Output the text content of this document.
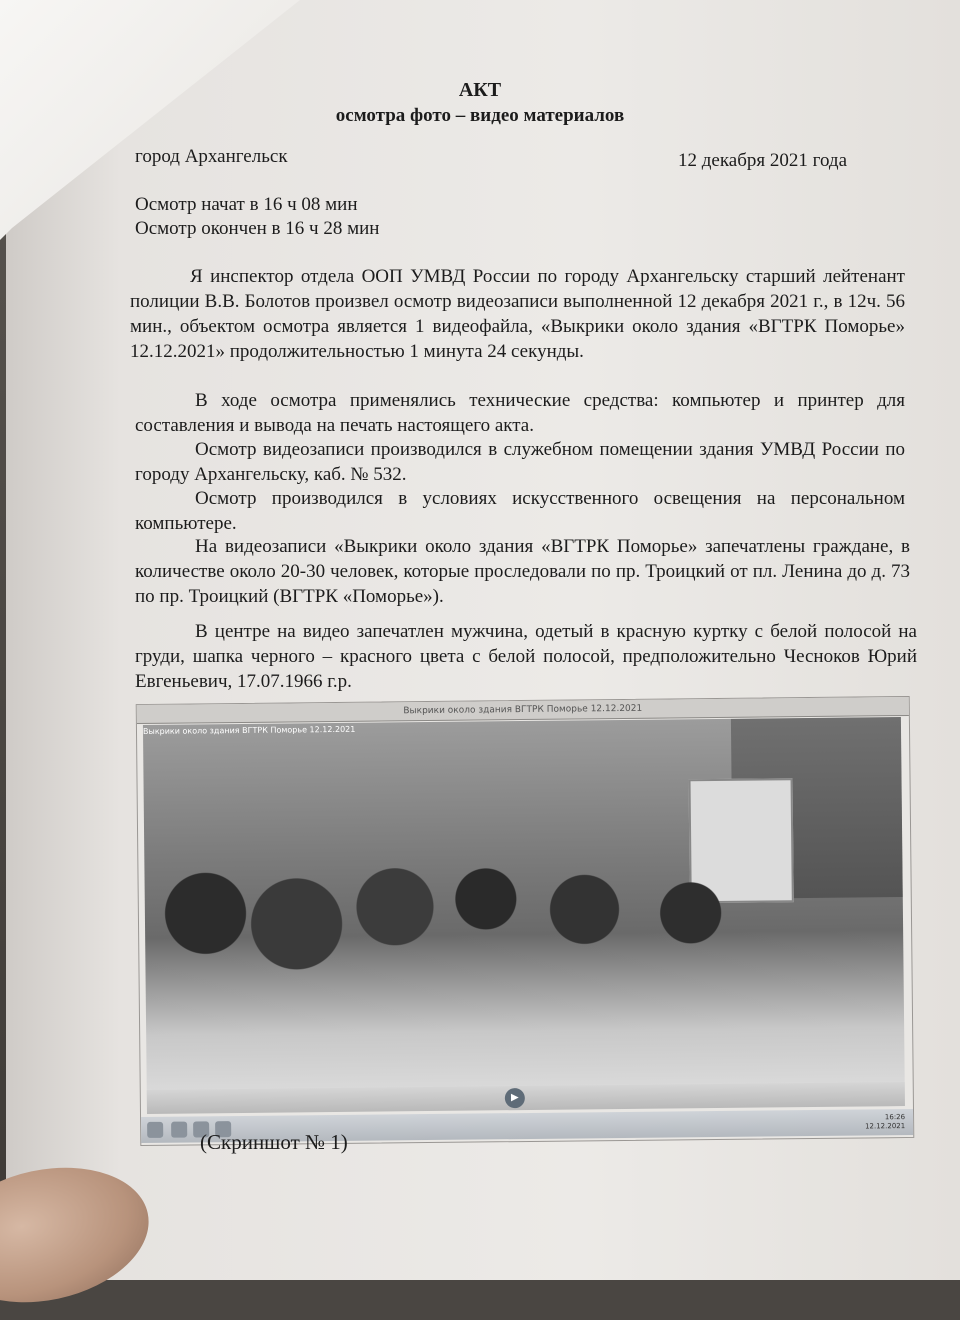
АКТ
осмотра фото – видео материалов
город Архангельск	12 декабря 2021 года
Осмотр начат в 16 ч 08 мин
Осмотр окончен в 16 ч 28 мин
Я инспектор отдела ООП УМВД России по городу Архангельску старший лейтенант полиции В.В. Болотов произвел осмотр видеозаписи выполненной 12 декабря 2021 г., в 12ч. 56 мин., объектом осмотра является 1 видеофайла, «Выкрики около здания «ВГТРК Поморье» 12.12.2021» продолжительностью 1 минута 24 секунды.
В ходе осмотра применялись технические средства: компьютер и принтер для составления и вывода на печать настоящего акта.
Осмотр видеозаписи производился в служебном помещении здания УМВД России по городу Архангельску, каб. № 532.
Осмотр производился в условиях искусственного освещения на персональном компьютере.
На видеозаписи «Выкрики около здания «ВГТРК Поморье» запечатлены граждане, в количестве около 20-30 человек, которые проследовали по пр. Троицкий от пл. Ленина до д. 73 по пр. Троицкий (ВГТРК «Поморье»).
В центре на видео запечатлен мужчина, одетый в красную куртку с белой полосой на груди, шапка черного – красного цвета с белой полосой, предположительно Чесноков Юрий Евгеньевич, 17.07.1966 г.р.
Выкрики около здания ВГТРК Поморье 12.12.2021
Выкрики около здания ВГТРК Поморье 12.12.2021
▶
16:26
12.12.2021
(Скриншот № 1)
